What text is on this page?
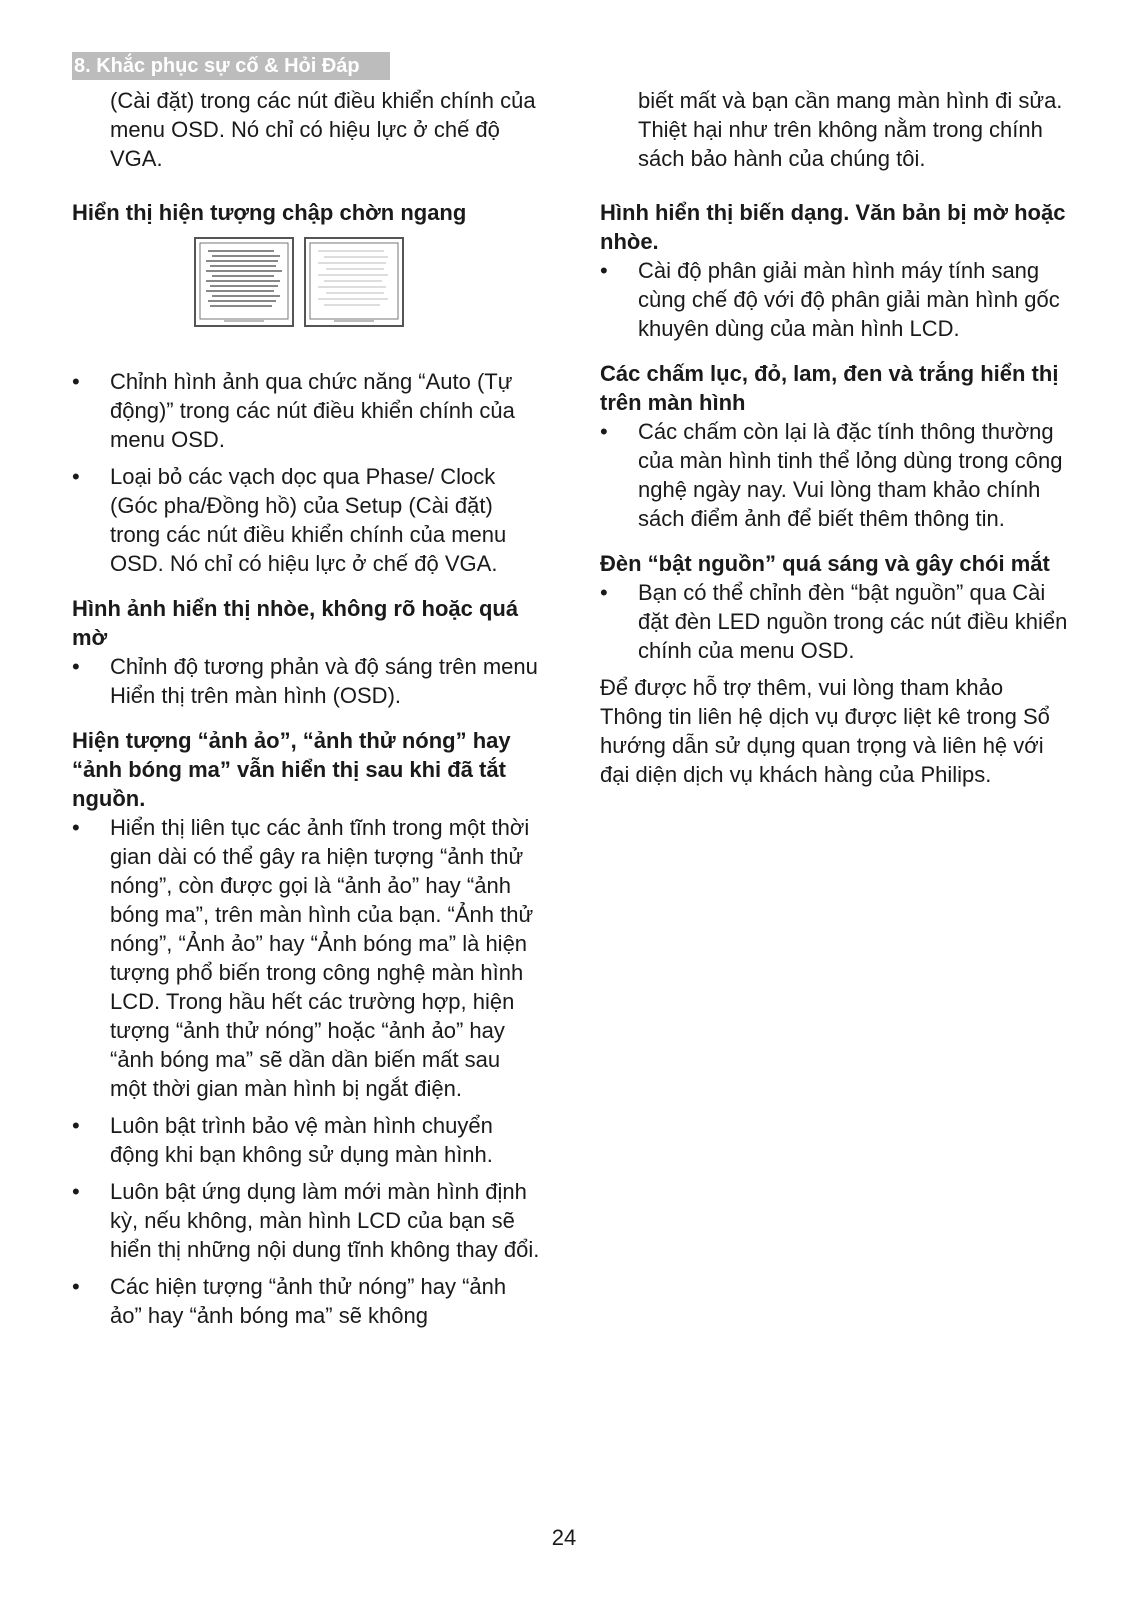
8. Khắc phục sự cố & Hỏi Đáp

(Cài đặt) trong các nút điều khiển chính của menu OSD. Nó chỉ có hiệu lực ở chế độ VGA.

Hiển thị hiện tượng chập chờn ngang

•	Chỉnh hình ảnh qua chức năng “Auto (Tự động)” trong các nút điều khiển chính của menu OSD.
•	Loại bỏ các vạch dọc qua Phase/ Clock (Góc pha/Đồng hồ) của Setup (Cài đặt) trong các nút điều khiển chính của menu OSD. Nó chỉ có hiệu lực ở chế độ VGA.

Hình ảnh hiển thị nhòe, không rõ hoặc quá mờ

•	Chỉnh độ tương phản và độ sáng trên menu Hiển thị trên màn hình (OSD).

Hiện tượng “ảnh ảo”, “ảnh thử nóng” hay “ảnh bóng ma” vẫn hiển thị sau khi đã tắt nguồn.

•	Hiển thị liên tục các ảnh tĩnh trong một thời gian dài có thể gây ra hiện tượng “ảnh thử nóng”, còn được gọi là “ảnh ảo” hay “ảnh bóng ma”, trên màn hình của bạn. “Ảnh thử nóng”, “Ảnh ảo” hay “Ảnh bóng ma” là hiện tượng phổ biến trong công nghệ màn hình LCD. Trong hầu hết các trường hợp, hiện tượng “ảnh thử nóng” hoặc “ảnh ảo” hay “ảnh bóng ma” sẽ dần dần biến mất sau một thời gian màn hình bị ngắt điện.
•	Luôn bật trình bảo vệ màn hình chuyển động khi bạn không sử dụng màn hình.
•	Luôn bật ứng dụng làm mới màn hình định kỳ, nếu không, màn hình LCD của bạn sẽ hiển thị những nội dung tĩnh không thay đổi.
•	Các hiện tượng “ảnh thử nóng” hay “ảnh ảo” hay “ảnh bóng ma” sẽ không

biết mất và bạn cần mang màn hình đi sửa. Thiệt hại như trên không nằm trong chính sách bảo hành của chúng tôi.

Hình hiển thị biến dạng. Văn bản bị mờ hoặc nhòe.

•	Cài độ phân giải màn hình máy tính sang cùng chế độ với độ phân giải màn hình gốc khuyên dùng của màn hình LCD.

Các chấm lục, đỏ, lam, đen và trắng hiển thị trên màn hình

•	Các chấm còn lại là đặc tính thông thường của màn hình tinh thể lỏng dùng trong công nghệ ngày nay. Vui lòng tham khảo chính sách điểm ảnh để biết thêm thông tin.

Đèn “bật nguồn” quá sáng và gây chói mắt

•	Bạn có thể chỉnh đèn “bật nguồn” qua Cài đặt đèn LED nguồn trong các nút điều khiển chính của menu OSD.

Để được hỗ trợ thêm, vui lòng tham khảo Thông tin liên hệ dịch vụ được liệt kê trong Sổ hướng dẫn sử dụng quan trọng và liên hệ với đại diện dịch vụ khách hàng của Philips.

24
